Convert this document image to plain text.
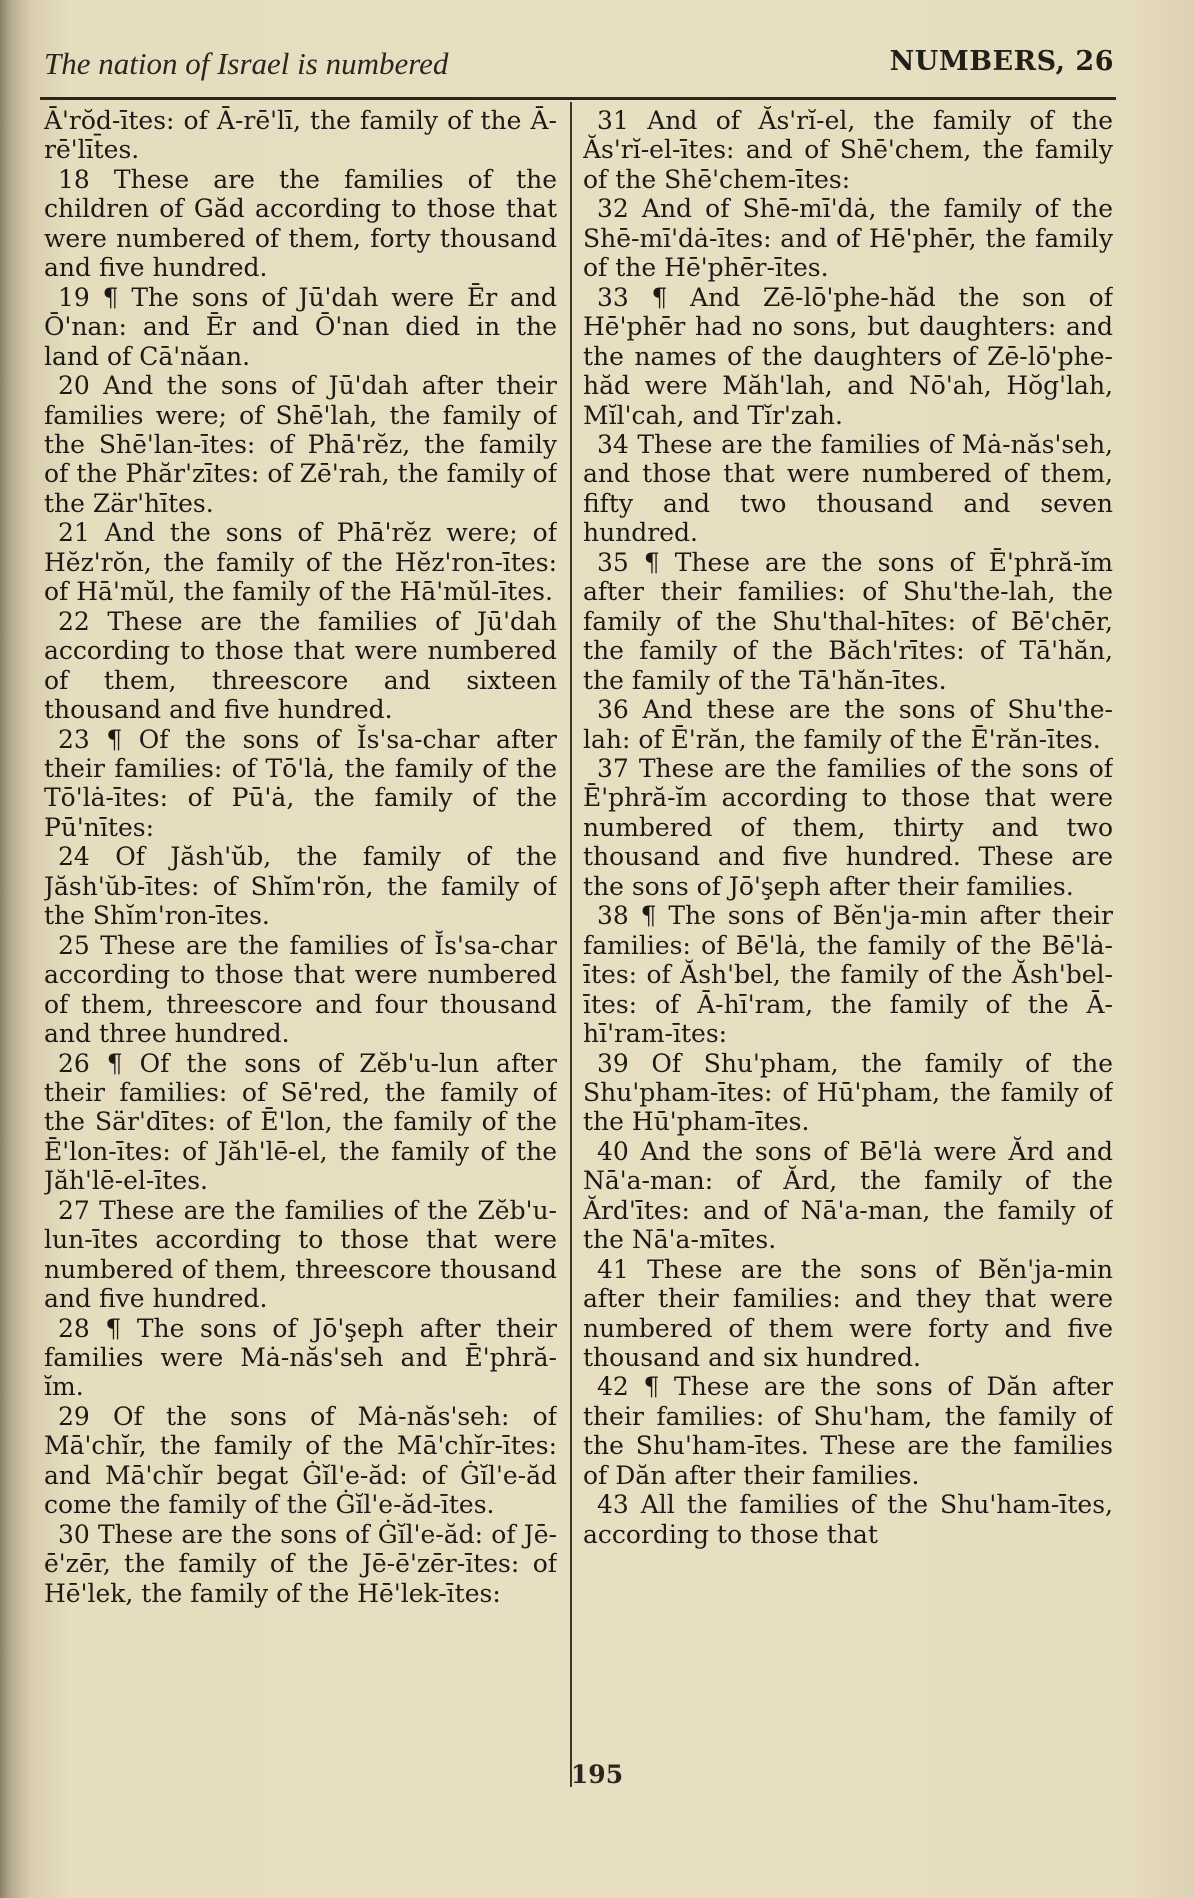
The nation of Israel is numbered	NUMBERS, 26

Ā'rŏd-ītes: of Ā-rē'lī, the family of the Ā-rē'līt̄es.

18 These are the families of the children of Găd according to those that were numbered of them, forty thousand and five hundred.

19 ¶ The sons of Jū'dah were Ēr and Ō'nan: and Ēr and Ō'nan died in the land of Cā'năan.

20 And the sons of Jū'dah after their families were; of Shē'lah, the family of the Shē'lan-ītes: of Phā'rĕz, the family of the Phăr'zītes: of Zē'rah, the family of the Zär'hītes.

21 And the sons of Phā'rĕz were; of Hĕz'rŏn, the family of the Hĕz'ron-ītes: of Hā'mŭl, the family of the Hā'mŭl-ītes.

22 These are the families of Jū'dah according to those that were numbered of them, threescore and sixteen thousand and five hundred.

23 ¶ Of the sons of Ĭs'sa-char after their families: of Tō'lȧ, the family of the Tō'lȧ-ītes: of Pū'ȧ, the family of the Pū'nītes:

24 Of Jăsh'ŭb, the family of the Jăsh'ŭb-ītes: of Shĭm'rŏn, the family of the Shĭm'ron-ītes.

25 These are the families of Ĭs'sa-char according to those that were numbered of them, threescore and four thousand and three hundred.

26 ¶ Of the sons of Zĕb'u-lun after their families: of Sē'red, the family of the Sär'dītes: of Ē'lon, the family of the Ē'lon-ītes: of Jăh'lē-el, the family of the Jăh'lē-el-ītes.

27 These are the families of the Zĕb'u-lun-ītes according to those that were numbered of them, threescore thousand and five hundred.

28 ¶ The sons of Jō'şeph after their families were Mȧ-năs'seh and Ē'phră-ĭm.

29 Of the sons of Mȧ-năs'seh: of Mā'chĭr, the family of the Mā'chĭr-ītes: and Mā'chĭr begat Ġĭl'e-ăd: of Ġĭl'e-ăd come the family of the Ġĭl'e-ăd-ītes.

30 These are the sons of Ġĭl'e-ăd: of Jē-ē'zēr, the family of the Jē-ē'zēr-ītes: of Hē'lek, the family of the Hē'lek-ītes:

31 And of Ăs'rĭ-el, the family of the Ăs'rĭ-el-ītes: and of Shē'chem, the family of the Shē'chem-ītes:

32 And of Shē-mī'dȧ, the family of the Shē-mī'dȧ-ītes: and of Hē'phēr, the family of the Hē'phēr-ītes.

33 ¶ And Zē-lō'phe-hăd the son of Hē'phēr had no sons, but daughters: and the names of the daughters of Zē-lō'phe-hăd were Măh'lah, and Nō'ah, Hŏg'lah, Mĭl'cah, and Tĭr'zah.

34 These are the families of Mȧ-năs'seh, and those that were numbered of them, fifty and two thousand and seven hundred.

35 ¶ These are the sons of Ē'phră-ĭm after their families: of Shu'the-lah, the family of the Shu'thal-hītes: of Bē'chēr, the family of the Băch'rītes: of Tā'hăn, the family of the Tā'hăn-ītes.

36 And these are the sons of Shu'the-lah: of Ē'răn, the family of the Ē'răn-ītes.

37 These are the families of the sons of Ē'phră-ĭm according to those that were numbered of them, thirty and two thousand and five hundred. These are the sons of Jō'şeph after their families.

38 ¶ The sons of Bĕn'ja-min after their families: of Bē'lȧ, the family of the Bē'lȧ-ītes: of Ăsh'bel, the family of the Ăsh'bel-ītes: of Ā-hī'ram, the family of the Ā-hī'ram-ītes:

39 Of Shu'pham, the family of the Shu'pham-ītes: of Hū'pham, the family of the Hū'pham-ītes.

40 And the sons of Bē'lȧ were Ărd and Nā'a-man: of Ărd, the family of the Ărd'ītes: and of Nā'a-man, the family of the Nā'a-mītes.

41 These are the sons of Bĕn'ja-min after their families: and they that were numbered of them were forty and five thousand and six hundred.

42 ¶ These are the sons of Dăn after their families: of Shu'ham, the family of the Shu'ham-ītes. These are the families of Dăn after their families.

43 All the families of the Shu'ham-ītes, according to those that

195
